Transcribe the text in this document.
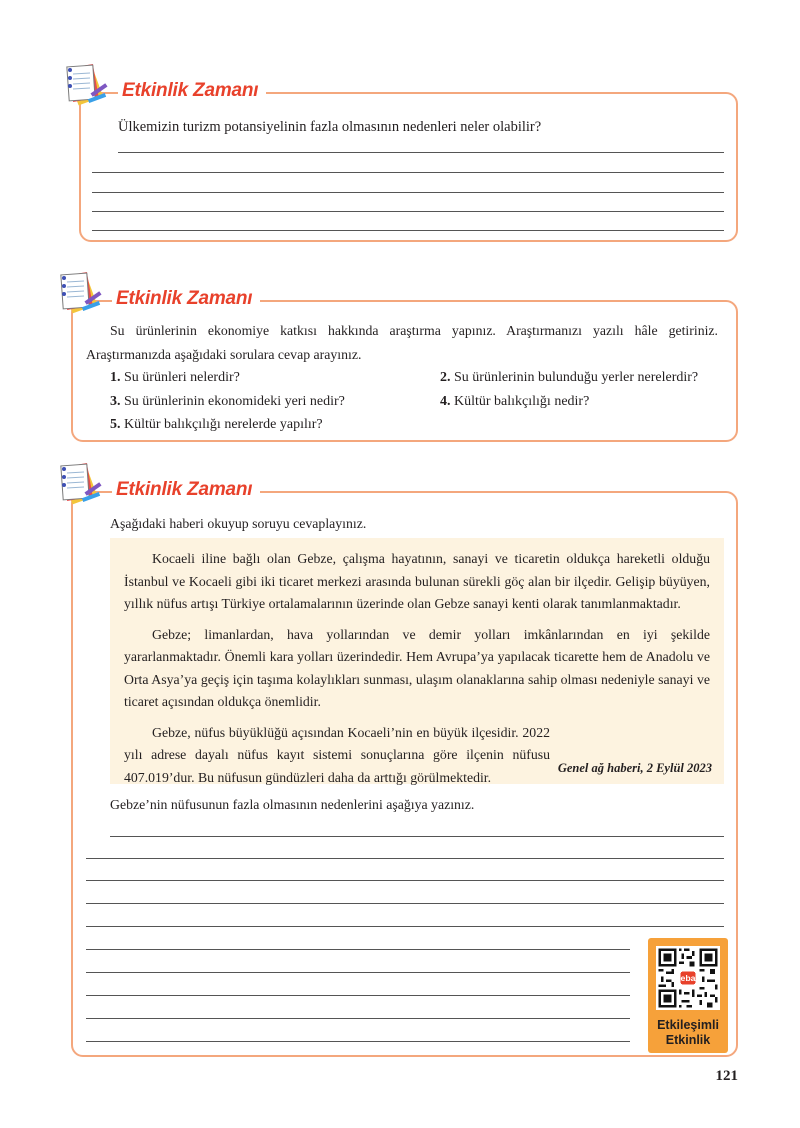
Etkinlik Zamanı

Ülkemizin turizm potansiyelinin fazla olmasının nedenleri neler olabilir?

Etkinlik Zamanı

Su ürünlerinin ekonomiye katkısı hakkında araştırma yapınız. Araştırmanızı yazılı hâle getiriniz. Araştırmanızda aşağıdaki sorulara cevap arayınız.

1. Su ürünleri nelerdir?	2. Su ürünlerinin bulunduğu yerler nerelerdir?
3. Su ürünlerinin ekonomideki yeri nedir?	4. Kültür balıkçılığı nedir?
5. Kültür balıkçılığı nerelerde yapılır?
Etkinlik Zamanı

Aşağıdaki haberi okuyup soruyu cevaplayınız.

Kocaeli iline bağlı olan Gebze, çalışma hayatının, sanayi ve ticaretin oldukça hareketli olduğu İstanbul ve Kocaeli gibi iki ticaret merkezi arasında bulunan sürekli göç alan bir ilçedir. Gelişip büyüyen, yıllık nüfus artışı Türkiye ortalamalarının üzerinde olan Gebze sanayi kenti olarak tanımlanmaktadır.

Gebze; limanlardan, hava yollarından ve demir yolları imkânlarından en iyi şekilde yararlanmaktadır. Önemli kara yolları üzerindedir. Hem Avrupa’ya yapılacak ticarette hem de Anadolu ve Orta Asya’ya geçiş için taşıma kolaylıkları sunması, ulaşım olanaklarına sahip olması nedeniyle sanayi ve ticaret açısından oldukça önemlidir.

Gebze, nüfus büyüklüğü açısından Kocaeli’nin en büyük ilçesidir. 2022 yılı adrese dayalı nüfus kayıt sistemi sonuçlarına göre ilçenin nüfusu 407.019’dur. Bu nüfusun gündüzleri daha da arttığı görülmektedir.

Genel ağ haberi, 2 Eylül 2023

Gebze’nin nüfusunun fazla olmasının nedenlerini aşağıya yazınız.

eba
Etkileşimli
Etkinlik
121
